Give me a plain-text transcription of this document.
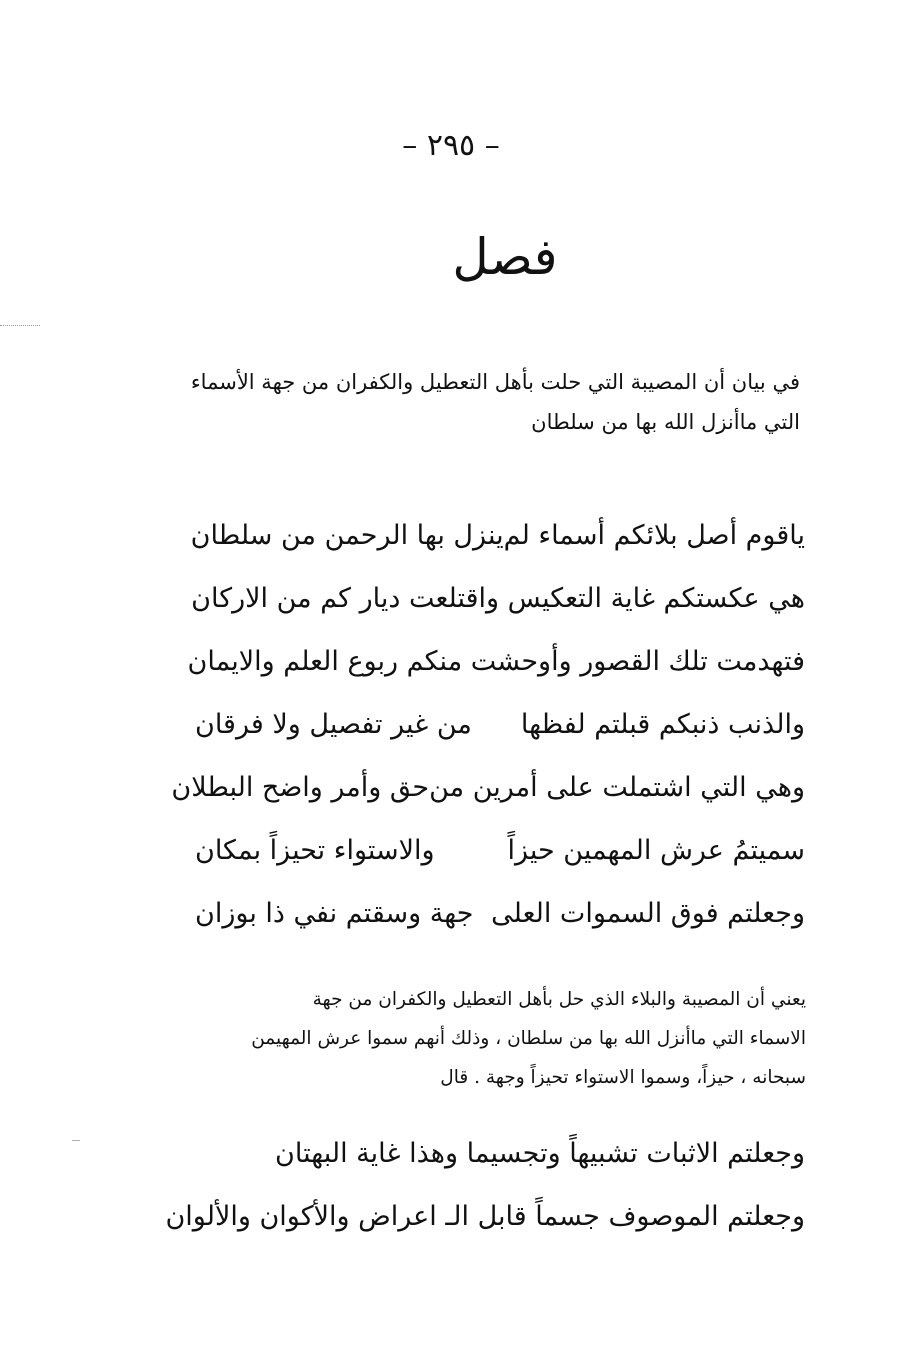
– ٢٩٥ –
فصل
في بيان أن المصيبة التي حلت بأهل التعطيل والكفران من جهة الأسماء
التي ماأنزل الله بها من سلطان
ياقوم أصل بلائكم أسماء لم
ينزل بها الرحمن من سلطان
هي عكستكم غاية التعكيس واقتلعت ديار كم من الاركان
فتهدمت تلك القصور وأوحشت منكم ربوع العلم والايمان
والذنب ذنبكم قبلتم لفظها
من غير تفصيل ولا فرقان
وهي التي اشتملت على أمرين من
حق وأمر واضح البطلان
سميتمُ عرش المهمين حيزاً
والاستواء تحيزاً بمكان
وجعلتم فوق السموات العلى
جهة وسقتم نفي ذا بوزان
يعني أن المصيبة والبلاء الذي حل بأهل التعطيل والكفران من جهة
الاسماء التي ماأنزل الله بها من سلطان ، وذلك أنهم سموا عرش المهيمن
سبحانه ، حيزاً، وسموا الاستواء تحيزاً وجهة . قال
وجعلتم الاثبات تشبيهاً وتجسيما وهذا غاية البهتان
وجعلتم الموصوف جسماً قابل الـ اعراض والأكوان والألوان
